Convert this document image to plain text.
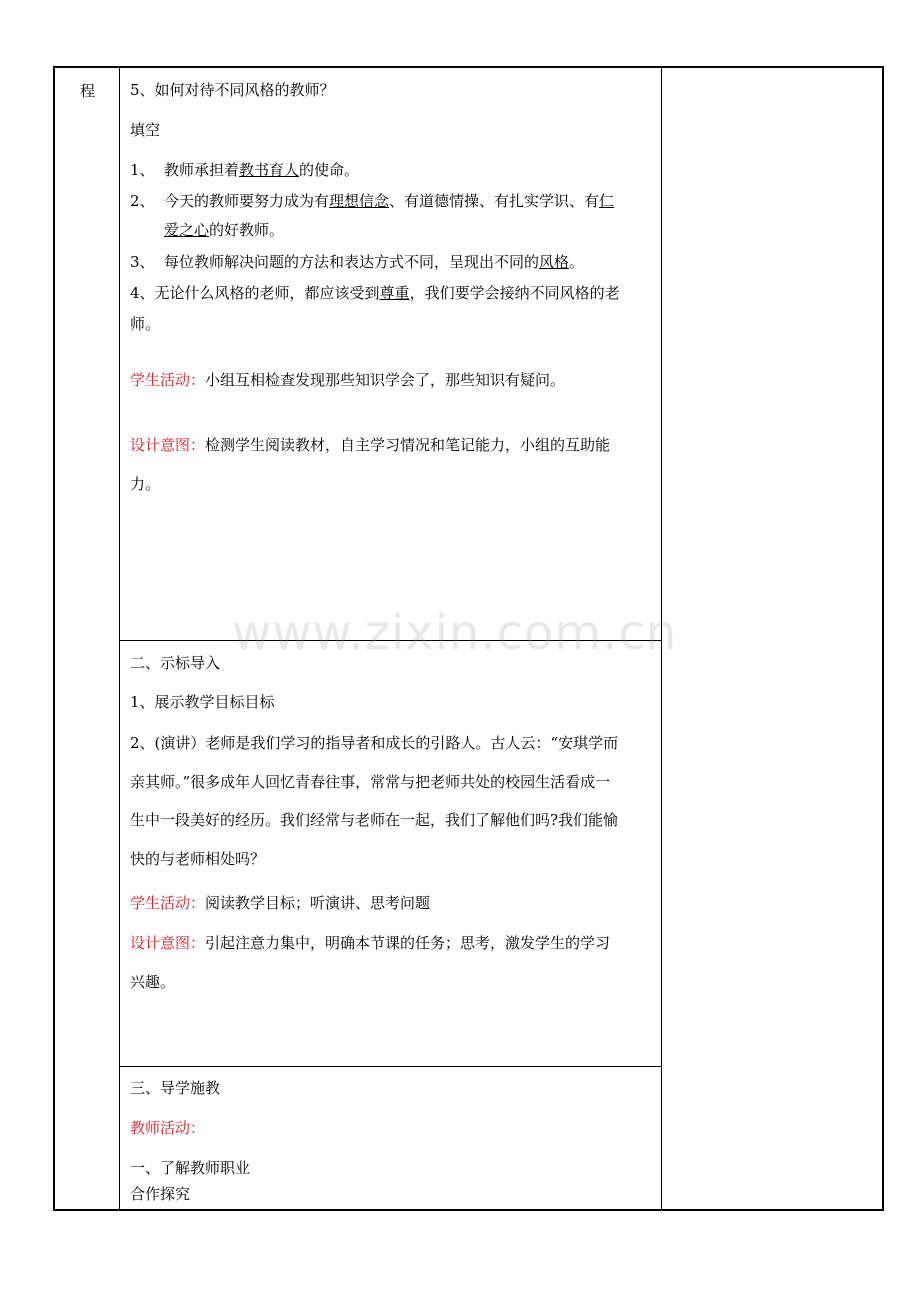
程 5、如何对待不同风格的教师？
填空
1、 教师承担着教书育人的使命。
2、 今天的教师要努力成为有理想信念、有道德情操、有扎实学识、有仁
爱之心的好教师。
3、 每位教师解决问题的方法和表达方式不同，呈现出不同的风格。
4、无论什么风格的老师，都应该受到尊重，我们要学会接纳不同风格的老
师。
学生活动：小组互相检查发现那些知识学会了，那些知识有疑问。
设计意图：检测学生阅读教材，自主学习情况和笔记能力，小组的互助能
力。
二、示标导入
1、展示教学目标目标
2、(演讲）老师是我们学习的指导者和成长的引路人。古人云：“安琪学而
亲其师。”很多成年人回忆青春往事，常常与把老师共处的校园生活看成一
生中一段美好的经历。我们经常与老师在一起，我们了解他们吗?我们能愉
快的与老师相处吗？
学生活动：阅读教学目标；听演讲、思考问题
设计意图：引起注意力集中，明确本节课的任务；思考，激发学生的学习
兴趣。
三、导学施教
教师活动：
一、了解教师职业
合作探究
www.zixin.com.cn
